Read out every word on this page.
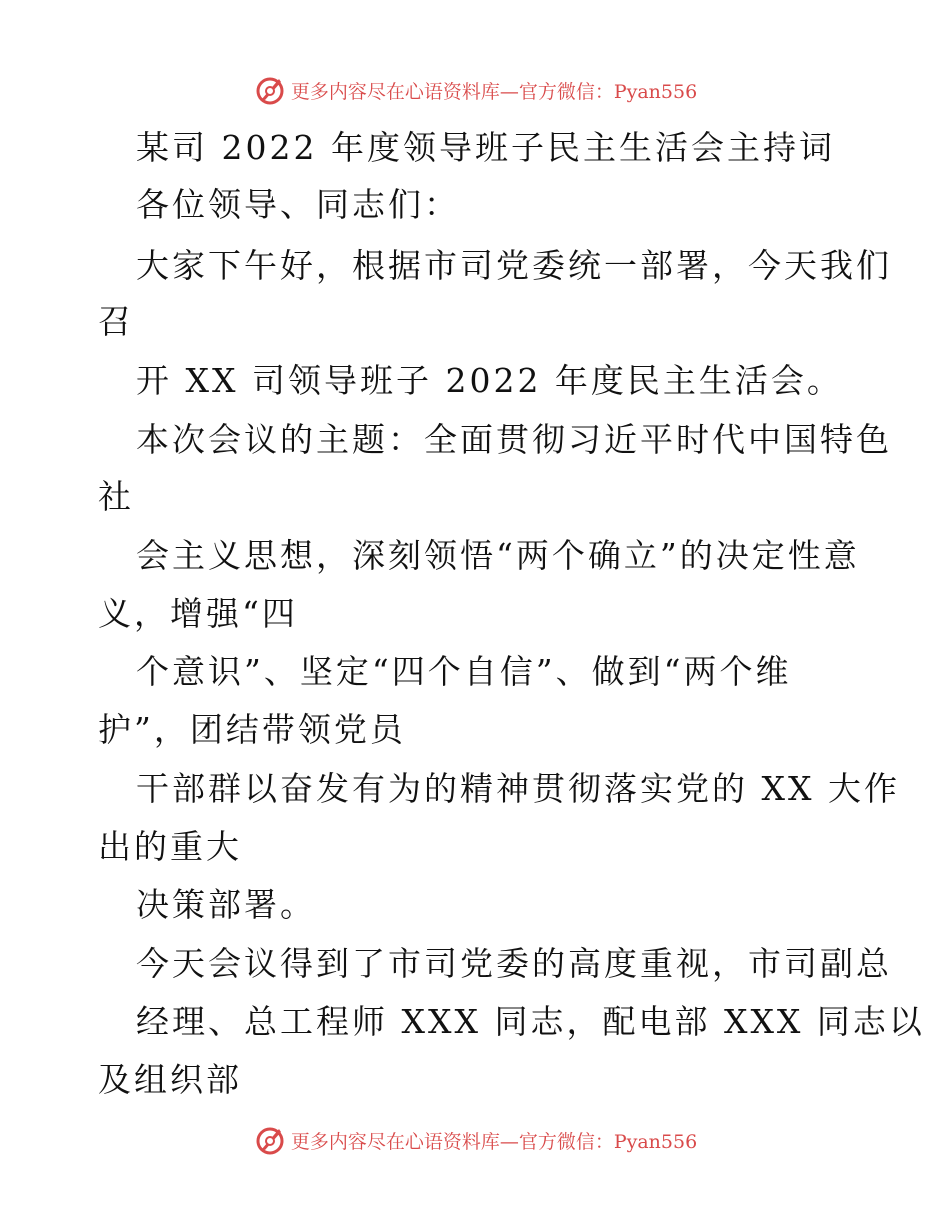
更多内容尽在心语资料库—官方微信：Pyan556
某司 2022 年度领导班子民主生活会主持词
各位领导、同志们：
大家下午好，根据市司党委统一部署，今天我们
召
开 XX 司领导班子 2022 年度民主生活会。
本次会议的主题：全面贯彻习近平时代中国特色
社
会主义思想，深刻领悟“两个确立”的决定性意
义，增强“四
个意识”、坚定“四个自信”、做到“两个维
护”，团结带领党员
干部群以奋发有为的精神贯彻落实党的 XX 大作
出的重大
决策部署。
今天会议得到了市司党委的高度重视，市司副总
经理、总工程师 XXX 同志，配电部 XXX 同志以
及组织部
更多内容尽在心语资料库—官方微信：Pyan556
